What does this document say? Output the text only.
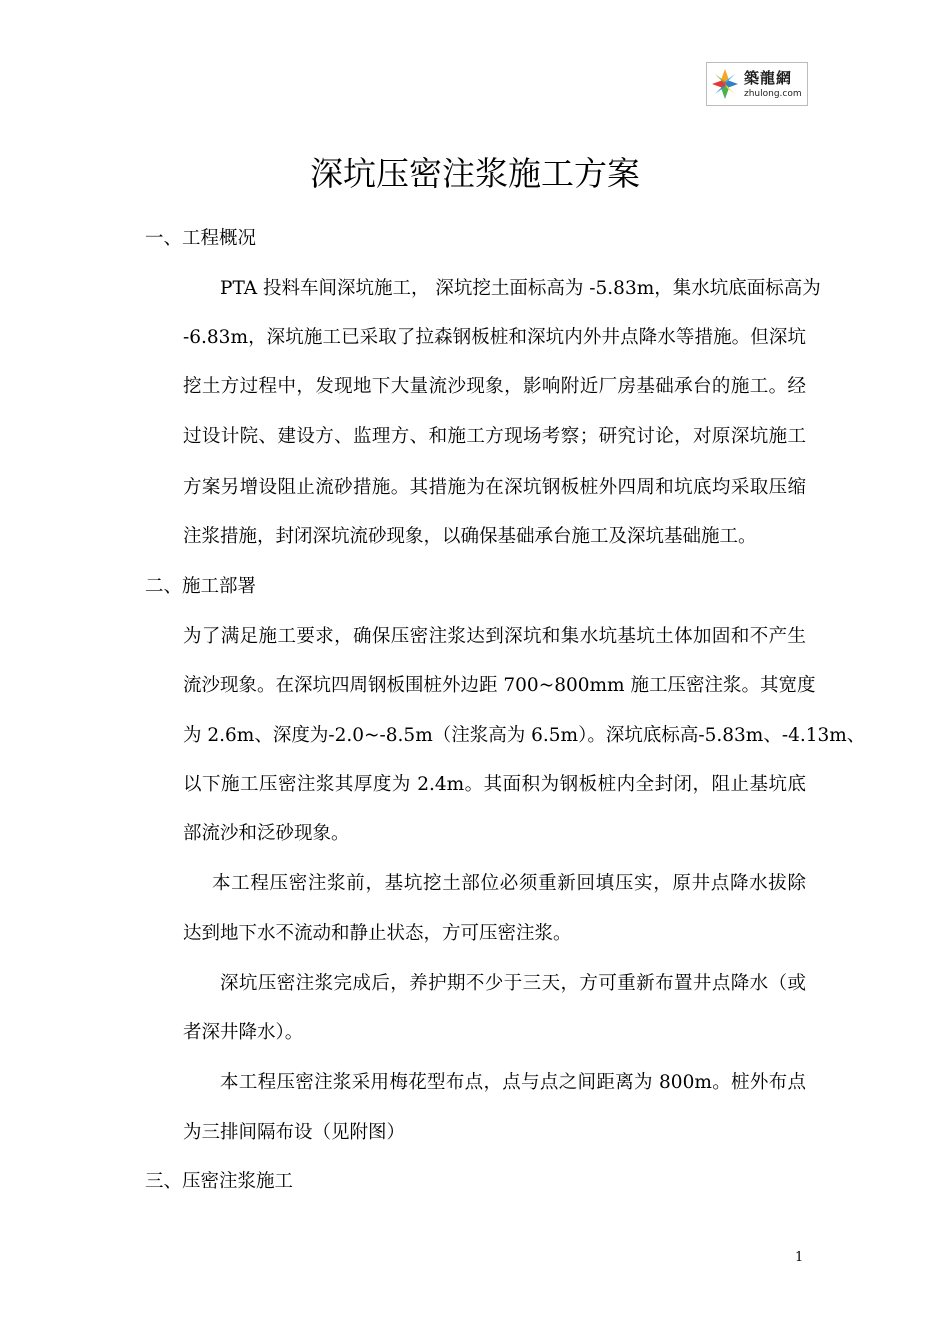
築龍網
zhulong.com
深坑压密注浆施工方案
一、工程概况
PTA 投料车间深坑施工， 深坑挖土面标高为 -5.83m，集水坑底面标高为
-6.83m，深坑施工已采取了拉森钢板桩和深坑内外井点降水等措施。但深坑
挖土方过程中，发现地下大量流沙现象，影响附近厂房基础承台的施工。经
过设计院、建设方、监理方、和施工方现场考察；研究讨论，对原深坑施工
方案另增设阻止流砂措施。其措施为在深坑钢板桩外四周和坑底均采取压缩
注浆措施，封闭深坑流砂现象，以确保基础承台施工及深坑基础施工。
二、施工部署
为了满足施工要求，确保压密注浆达到深坑和集水坑基坑土体加固和不产生
流沙现象。在深坑四周钢板围桩外边距 700~800mm 施工压密注浆。其宽度
为 2.6m、深度为-2.0~-8.5m（注浆高为 6.5m）。深坑底标高-5.83m、-4.13m、
以下施工压密注浆其厚度为 2.4m。其面积为钢板桩内全封闭，阻止基坑底
部流沙和泛砂现象。
本工程压密注浆前，基坑挖土部位必须重新回填压实，原井点降水拔除
达到地下水不流动和静止状态，方可压密注浆。
深坑压密注浆完成后，养护期不少于三天，方可重新布置井点降水（或
者深井降水）。
本工程压密注浆采用梅花型布点，点与点之间距离为 800m。桩外布点
为三排间隔布设（见附图）
三、压密注浆施工
1
